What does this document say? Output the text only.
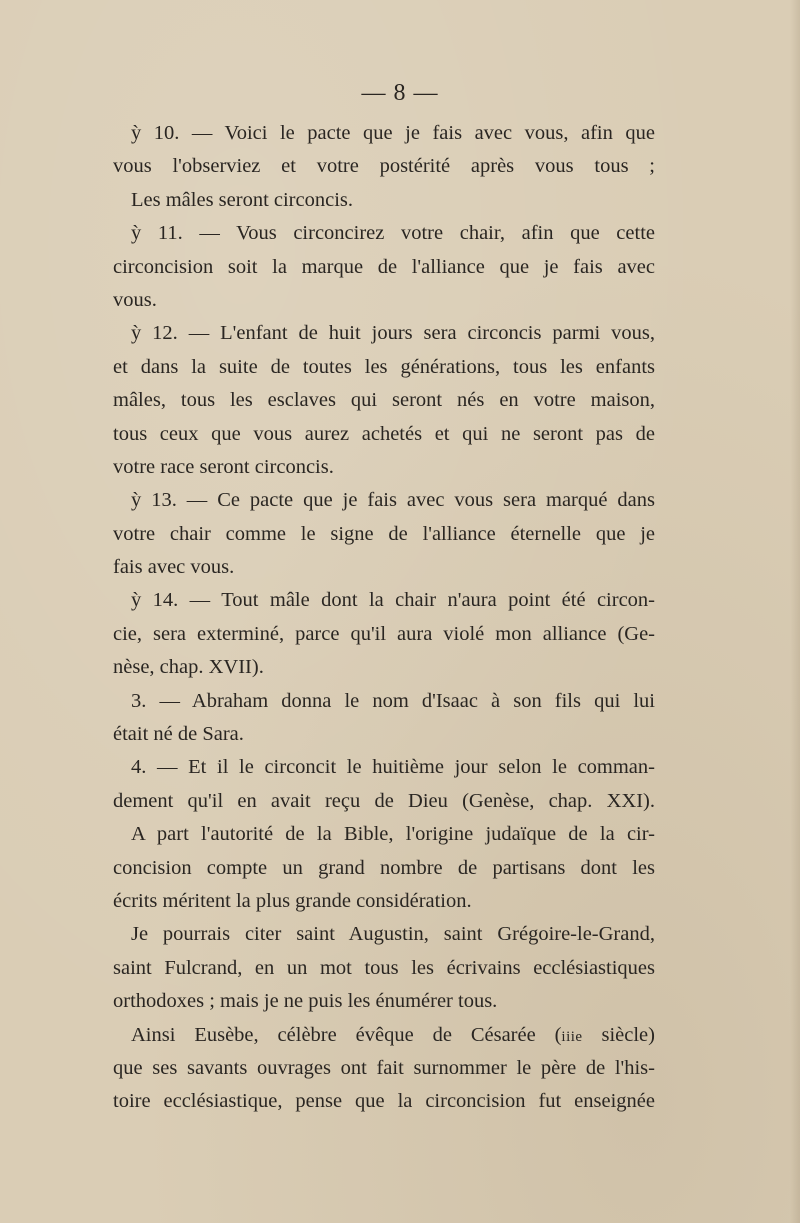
— 8 —
ỳ 10. — Voici le pacte que je fais avec vous, afin que
vous l'observiez et votre postérité après vous tous ;
Les mâles seront circoncis.
ỳ 11. — Vous circoncirez votre chair, afin que cette
circoncision soit la marque de l'alliance que je fais avec
vous.
ỳ 12. — L'enfant de huit jours sera circoncis parmi vous,
et dans la suite de toutes les générations, tous les enfants
mâles, tous les esclaves qui seront nés en votre maison,
tous ceux que vous aurez achetés et qui ne seront pas de
votre race seront circoncis.
ỳ 13. — Ce pacte que je fais avec vous sera marqué dans
votre chair comme le signe de l'alliance éternelle que je
fais avec vous.
ỳ 14. — Tout mâle dont la chair n'aura point été circon-
cie, sera exterminé, parce qu'il aura violé mon alliance (Ge-
nèse, chap. XVII).
3. — Abraham donna le nom d'Isaac à son fils qui lui
était né de Sara.
4. — Et il le circoncit le huitième jour selon le comman-
dement qu'il en avait reçu de Dieu (Genèse, chap. XXI).
A part l'autorité de la Bible, l'origine judaïque de la cir-
concision compte un grand nombre de partisans dont les
écrits méritent la plus grande considération.
Je pourrais citer saint Augustin, saint Grégoire-le-Grand,
saint Fulcrand, en un mot tous les écrivains ecclésiastiques
orthodoxes ; mais je ne puis les énumérer tous.
Ainsi Eusèbe, célèbre évêque de Césarée (iiie siècle)
que ses savants ouvrages ont fait surnommer le père de l'his-
toire ecclésiastique, pense que la circoncision fut enseignée
